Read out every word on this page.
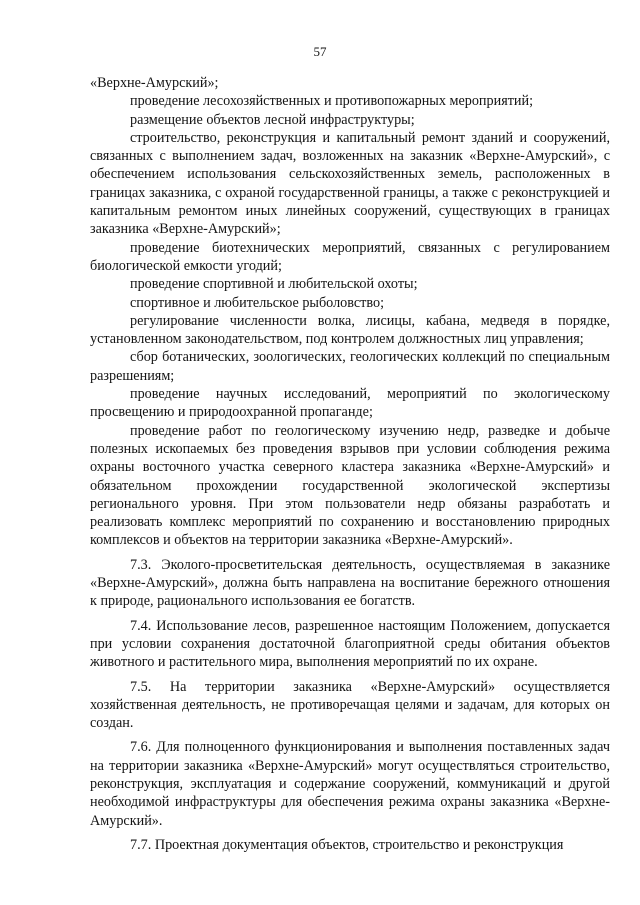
57

«Верхне-Амурский»;

проведение лесохозяйственных и противопожарных мероприятий;

размещение объектов лесной инфраструктуры;

строительство, реконструкция и капитальный ремонт зданий и сооружений, связанных с выполнением задач, возложенных на заказник «Верхне-Амурский», с обеспечением использования сельскохозяйственных земель, расположенных в границах заказника, с охраной государственной границы, а также с реконструкцией и капитальным ремонтом иных линейных сооружений, существующих в границах заказника «Верхне-Амурский»;

проведение биотехнических мероприятий, связанных с регулированием биологической емкости угодий;

проведение спортивной и любительской охоты;

спортивное и любительское рыболовство;

регулирование численности волка, лисицы, кабана, медведя в порядке, установленном законодательством, под контролем должностных лиц управления;

сбор ботанических, зоологических, геологических коллекций по специальным разрешениям;

проведение научных исследований, мероприятий по экологическому просвещению и природоохранной пропаганде;

проведение работ по геологическому изучению недр, разведке и добыче полезных ископаемых без проведения взрывов при условии соблюдения режима охраны восточного участка северного кластера заказника «Верхне-Амурский» и обязательном прохождении государственной экологической экспертизы регионального уровня. При этом пользователи недр обязаны разработать и реализовать комплекс мероприятий по сохранению и восстановлению природных комплексов и объектов на территории заказника «Верхне-Амурский».

7.3. Эколого-просветительская деятельность, осуществляемая в заказнике «Верхне-Амурский», должна быть направлена на воспитание бережного отношения к природе, рационального использования ее богатств.

7.4. Использование лесов, разрешенное настоящим Положением, допускается при условии сохранения достаточной благоприятной среды обитания объектов животного и растительного мира, выполнения мероприятий по их охране.

7.5. На территории заказника «Верхне-Амурский» осуществляется хозяйственная деятельность, не противоречащая целями и задачам, для которых он создан.

7.6. Для полноценного функционирования и выполнения поставленных задач на территории заказника «Верхне-Амурский» могут осуществляться строительство, реконструкция, эксплуатация и содержание сооружений, коммуникаций и другой необходимой инфраструктуры для обеспечения режима охраны заказника «Верхне-Амурский».

7.7. Проектная документация объектов, строительство и реконструкция
